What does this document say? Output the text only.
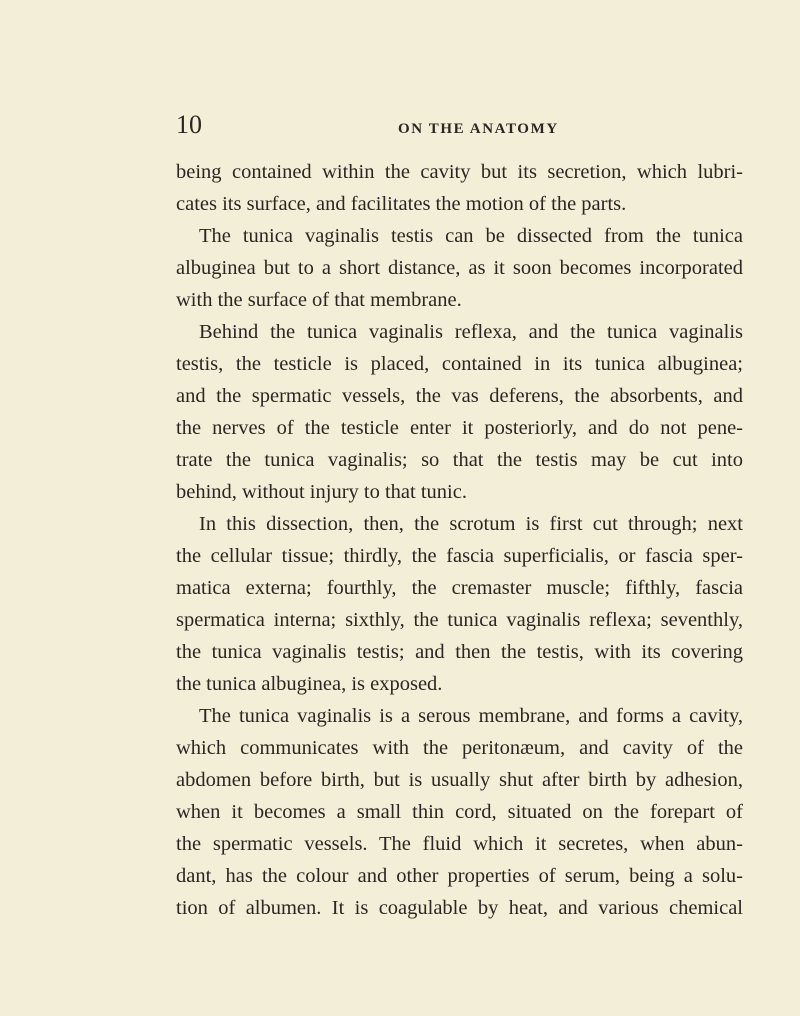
10	ON THE ANATOMY
being contained within the cavity but its secretion, which lubri-
cates its surface, and facilitates the motion of the parts.
The tunica vaginalis testis can be dissected from the tunica
albuginea but to a short distance, as it soon becomes incorporated
with the surface of that membrane.
Behind the tunica vaginalis reflexa, and the tunica vaginalis
testis, the testicle is placed, contained in its tunica albuginea;
and the spermatic vessels, the vas deferens, the absorbents, and
the nerves of the testicle enter it posteriorly, and do not pene-
trate the tunica vaginalis; so that the testis may be cut into
behind, without injury to that tunic.
In this dissection, then, the scrotum is first cut through; next
the cellular tissue; thirdly, the fascia superficialis, or fascia sper-
matica externa; fourthly, the cremaster muscle; fifthly, fascia
spermatica interna; sixthly, the tunica vaginalis reflexa; seventhly,
the tunica vaginalis testis; and then the testis, with its covering
the tunica albuginea, is exposed.
The tunica vaginalis is a serous membrane, and forms a cavity,
which communicates with the peritonæum, and cavity of the
abdomen before birth, but is usually shut after birth by adhesion,
when it becomes a small thin cord, situated on the forepart of
the spermatic vessels. The fluid which it secretes, when abun-
dant, has the colour and other properties of serum, being a solu-
tion of albumen. It is coagulable by heat, and various chemical
